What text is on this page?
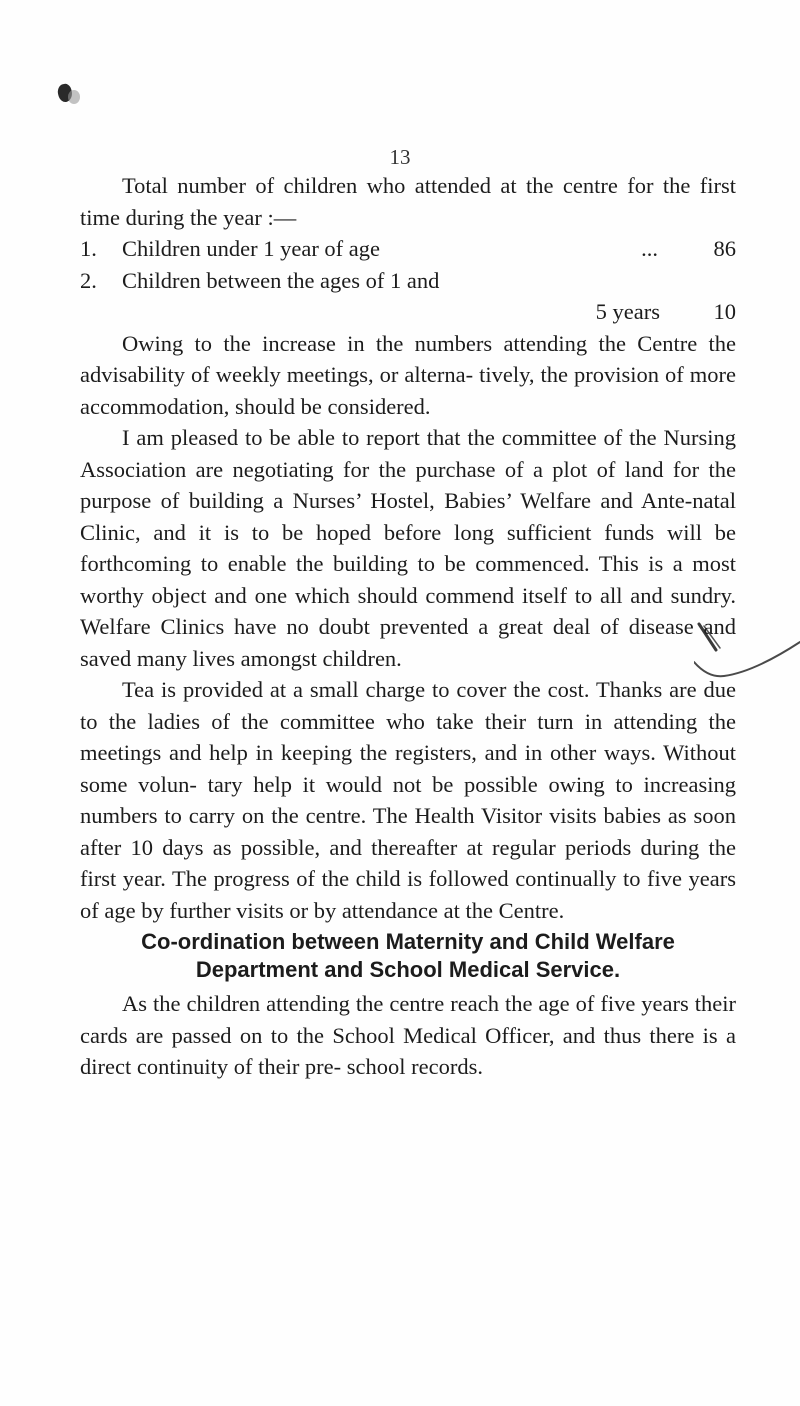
13

Total number of children who attended at the centre for the first time during the year :—

1. Children under 1 year of age	... 86
2. Children between the ages of 1 and
5 years 10

Owing to the increase in the numbers attending the Centre the advisability of weekly meetings, or alterna- tively, the provision of more accommodation, should be considered.

I am pleased to be able to report that the committee of the Nursing Association are negotiating for the purchase of a plot of land for the purpose of building a Nurses’ Hostel, Babies’ Welfare and Ante-natal Clinic, and it is to be hoped before long sufficient funds will be forthcoming to enable the building to be commenced. This is a most worthy object and one which should commend itself to all and sundry. Welfare Clinics have no doubt prevented a great deal of disease and saved many lives amongst children.

Tea is provided at a small charge to cover the cost. Thanks are due to the ladies of the committee who take their turn in attending the meetings and help in keeping the registers, and in other ways. Without some volun- tary help it would not be possible owing to increasing numbers to carry on the centre. The Health Visitor visits babies as soon after 10 days as possible, and thereafter at regular periods during the first year. The progress of the child is followed continually to five years of age by further visits or by attendance at the Centre.

Co-ordination between Maternity and Child Welfare Department and School Medical Service.

As the children attending the centre reach the age of five years their cards are passed on to the School Medical Officer, and thus there is a direct continuity of their pre- school records.
